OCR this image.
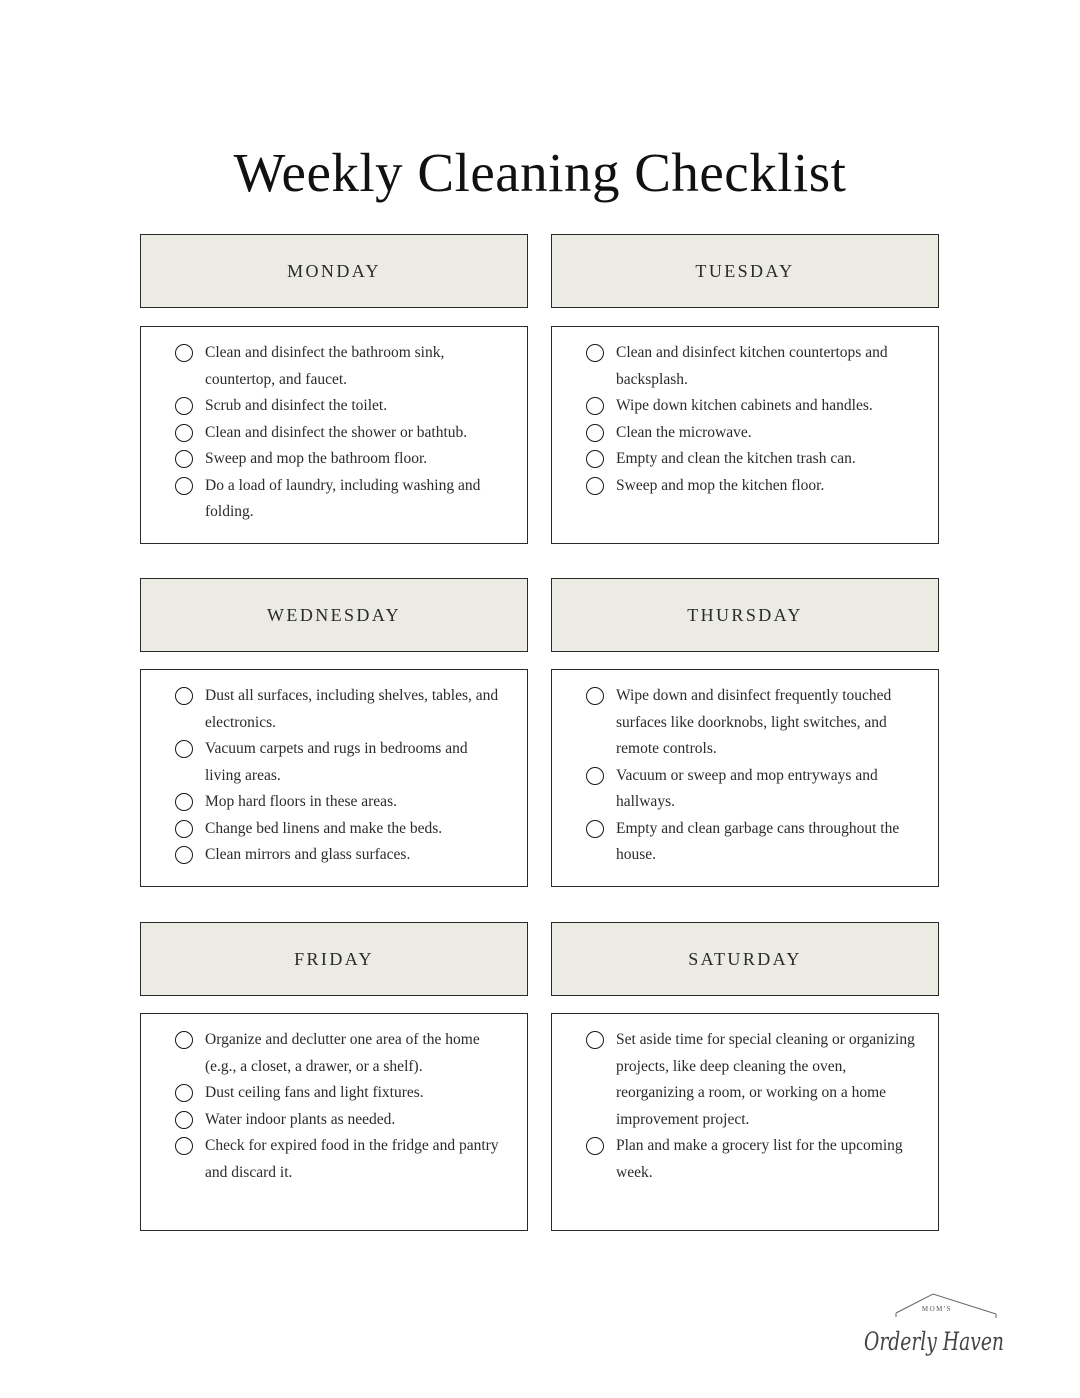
Weekly Cleaning Checklist
MONDAY
Clean and disinfect the bathroom sink, countertop, and faucet.
Scrub and disinfect the toilet.
Clean and disinfect the shower or bathtub.
Sweep and mop the bathroom floor.
Do a load of laundry, including washing and folding.
TUESDAY
Clean and disinfect kitchen countertops and backsplash.
Wipe down kitchen cabinets and handles.
Clean the microwave.
Empty and clean the kitchen trash can.
Sweep and mop the kitchen floor.
WEDNESDAY
Dust all surfaces, including shelves, tables, and electronics.
Vacuum carpets and rugs in bedrooms and living areas.
Mop hard floors in these areas.
Change bed linens and make the beds.
Clean mirrors and glass surfaces.
THURSDAY
Wipe down and disinfect frequently touched surfaces like doorknobs, light switches, and remote controls.
Vacuum or sweep and mop entryways and hallways.
Empty and clean garbage cans throughout the house.
FRIDAY
Organize and declutter one area of the home (e.g., a closet, a drawer, or a shelf).
Dust ceiling fans and light fixtures.
Water indoor plants as needed.
Check for expired food in the fridge and pantry and discard it.
SATURDAY
Set aside time for special cleaning or organizing projects, like deep cleaning the oven, reorganizing a room, or working on a home improvement project.
Plan and make a grocery list for the upcoming week.
MOM'S
Orderly Haven
